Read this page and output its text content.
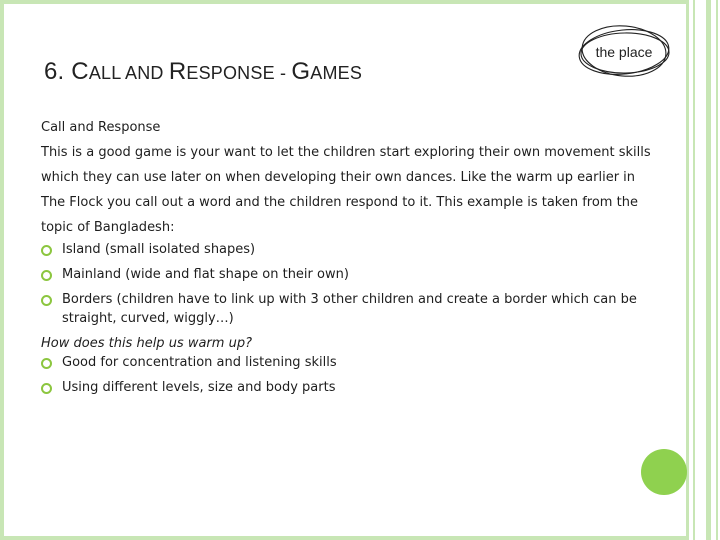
6. CALL AND RESPONSE - GAMES
the place

Call and Response

This is a good game is your want to let the children start exploring their own movement skills which they can use later on when developing their own dances. Like the warm up earlier in The Flock you call out a word and the children respond to it. This example is taken from the topic of Bangladesh:

Island (small isolated shapes)
Mainland (wide and flat shape on their own)
Borders (children have to link up with 3 other children and create a border which can be straight, curved, wiggly…)

How does this help us warm up?

Good for concentration and listening skills
Using different levels, size and body parts
